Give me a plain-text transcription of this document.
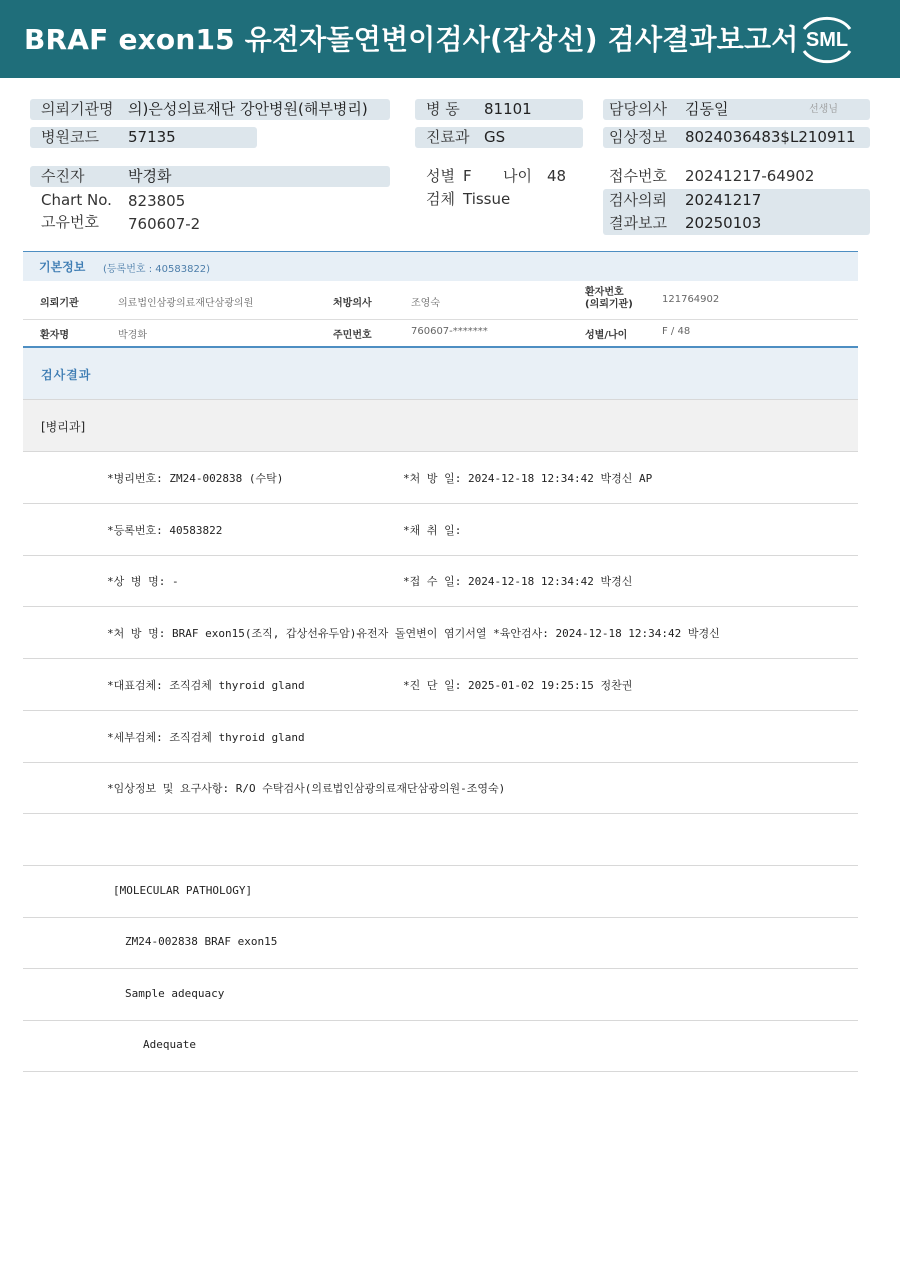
BRAF exon15 유전자돌연변이검사(갑상선) 검사결과보고서 SML
의뢰기관명 의)은성의료재단 강안병원(해부병리)
병원코드 57135
병 동 81101
진료과 GS
담당의사 김동일	선생님
임상정보 8024036483$L210911
수진자	박경화
Chart No. 823805
고유번호 760607-2
성별 F 나이 48
검체 Tissue
접수번호 20241217-64902
검사의뢰 20241217
결과보고 20250103
기본정보 (등록번호 : 40583822)
의뢰기관	의료법인삼광의료재단삼광의원	처방의사	조영숙
환자번호
(의뢰기관)	121764902
환자명	박경화	주민번호	760607-*******	성별/나이	F / 48
검사결과
[병리과]
*병리번호: ZM24-002838 (수탁)	*처 방 일: 2024-12-18 12:34:42 박경신 AP
*등록번호: 40583822	*채 취 일:
*상 병 명: -	*접 수 일: 2024-12-18 12:34:42 박경신
*처 방 명: BRAF exon15(조직, 갑상선유두암)유전자 돌연변이 염기서열 *육안검사: 2024-12-18 12:34:42 박경신
*대표검체: 조직검체 thyroid gland	*진 단 일: 2025-01-02 19:25:15 정찬권
*세부검체: 조직검체 thyroid gland
*임상정보 및 요구사항: R/O 수탁검사(의료법인삼광의료재단삼광의원-조영숙)
[MOLECULAR PATHOLOGY]
ZM24-002838 BRAF exon15
Sample adequacy
Adequate
